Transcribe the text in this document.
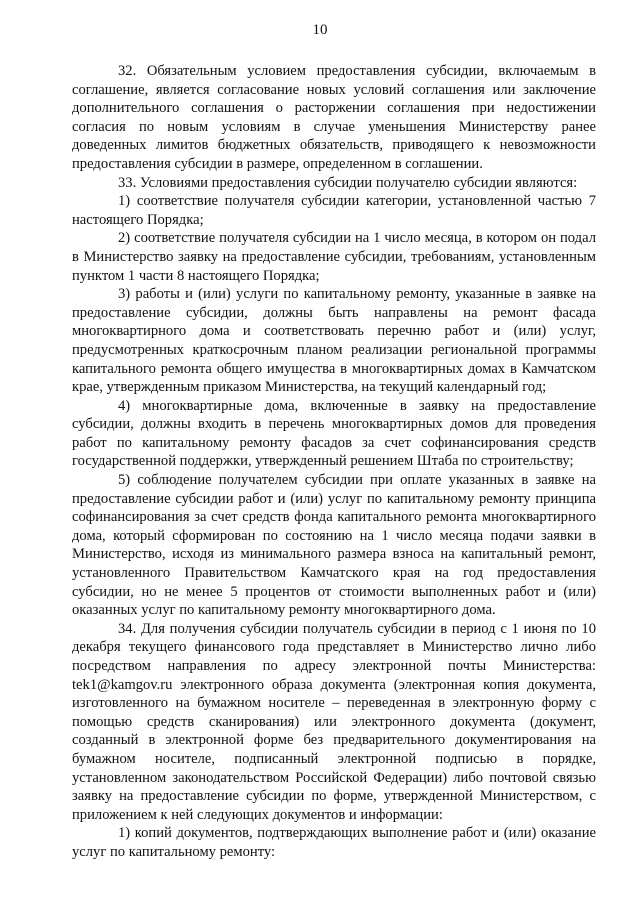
10

32. Обязательным условием предоставления субсидии, включаемым в соглашение, является согласование новых условий соглашения или заключение дополнительного соглашения о расторжении соглашения при недостижении согласия по новым условиям в случае уменьшения Министерству ранее доведенных лимитов бюджетных обязательств, приводящего к невозможности предоставления субсидии в размере, определенном в соглашении.

33. Условиями предоставления субсидии получателю субсидии являются:

1) соответствие получателя субсидии категории, установленной частью 7 настоящего Порядка;

2) соответствие получателя субсидии на 1 число месяца, в котором он подал в Министерство заявку на предоставление субсидии, требованиям, установленным пунктом 1 части 8 настоящего Порядка;

3) работы и (или) услуги по капитальному ремонту, указанные в заявке на предоставление субсидии, должны быть направлены на ремонт фасада многоквартирного дома и соответствовать перечню работ и (или) услуг, предусмотренных краткосрочным планом реализации региональной программы капитального ремонта общего имущества в многоквартирных домах в Камчатском крае, утвержденным приказом Министерства, на текущий календарный год;

4) многоквартирные дома, включенные в заявку на предоставление субсидии, должны входить в перечень многоквартирных домов для проведения работ по капитальному ремонту фасадов за счет софинансирования средств государственной поддержки, утвержденный решением Штаба по строительству;

5) соблюдение получателем субсидии при оплате указанных в заявке на предоставление субсидии работ и (или) услуг по капитальному ремонту принципа софинансирования за счет средств фонда капитального ремонта многоквартирного дома, который сформирован по состоянию на 1 число месяца подачи заявки в Министерство, исходя из минимального размера взноса на капитальный ремонт, установленного Правительством Камчатского края на год предоставления субсидии, но не менее 5 процентов от стоимости выполненных работ и (или) оказанных услуг по капитальному ремонту многоквартирного дома.

34. Для получения субсидии получатель субсидии в период с 1 июня по 10 декабря текущего финансового года представляет в Министерство лично либо посредством направления по адресу электронной почты Министерства: tek1@kamgov.ru электронного образа документа (электронная копия документа, изготовленного на бумажном носителе – переведенная в электронную форму с помощью средств сканирования) или электронного документа (документ, созданный в электронной форме без предварительного документирования на бумажном носителе, подписанный электронной подписью в порядке, установленном законодательством Российской Федерации) либо почтовой связью заявку на предоставление субсидии по форме, утвержденной Министерством, с приложением к ней следующих документов и информации:

1) копий документов, подтверждающих выполнение работ и (или) оказание услуг по капитальному ремонту:
